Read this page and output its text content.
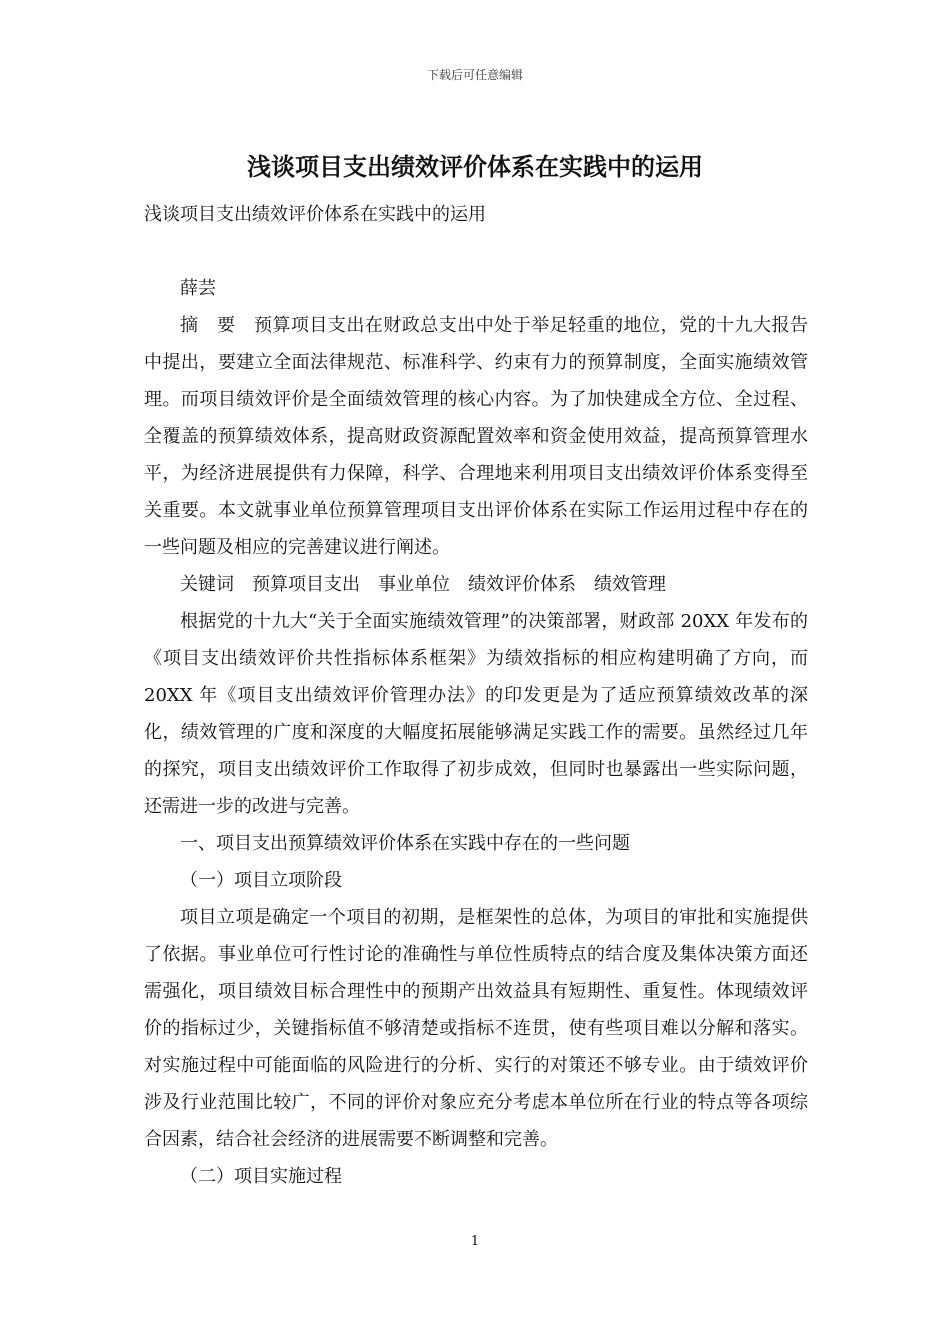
下载后可任意编辑
浅谈项目支出绩效评价体系在实践中的运用

浅谈项目支出绩效评价体系在实践中的运用

薛芸

摘　要　预算项目支出在财政总支出中处于举足轻重的地位，党的十九大报告中提出，要建立全面法律规范、标准科学、约束有力的预算制度，全面实施绩效管理。而项目绩效评价是全面绩效管理的核心内容。为了加快建成全方位、全过程、全覆盖的预算绩效体系，提高财政资源配置效率和资金使用效益，提高预算管理水平，为经济进展提供有力保障，科学、合理地来利用项目支出绩效评价体系变得至关重要。本文就事业单位预算管理项目支出评价体系在实际工作运用过程中存在的一些问题及相应的完善建议进行阐述。

关键词　预算项目支出　事业单位　绩效评价体系　绩效管理

根据党的十九大“关于全面实施绩效管理”的决策部署，财政部 20XX 年发布的《项目支出绩效评价共性指标体系框架》为绩效指标的相应构建明确了方向，而 20XX 年《项目支出绩效评价管理办法》的印发更是为了适应预算绩效改革的深化，绩效管理的广度和深度的大幅度拓展能够满足实践工作的需要。虽然经过几年的探究，项目支出绩效评价工作取得了初步成效，但同时也暴露出一些实际问题，还需进一步的改进与完善。

一、项目支出预算绩效评价体系在实践中存在的一些问题

（一）项目立项阶段

项目立项是确定一个项目的初期，是框架性的总体，为项目的审批和实施提供了依据。事业单位可行性讨论的准确性与单位性质特点的结合度及集体决策方面还需强化，项目绩效目标合理性中的预期产出效益具有短期性、重复性。体现绩效评价的指标过少，关键指标值不够清楚或指标不连贯，使有些项目难以分解和落实。对实施过程中可能面临的风险进行的分析、实行的对策还不够专业。由于绩效评价涉及行业范围比较广，不同的评价对象应充分考虑本单位所在行业的特点等各项综合因素，结合社会经济的进展需要不断调整和完善。

（二）项目实施过程

1
